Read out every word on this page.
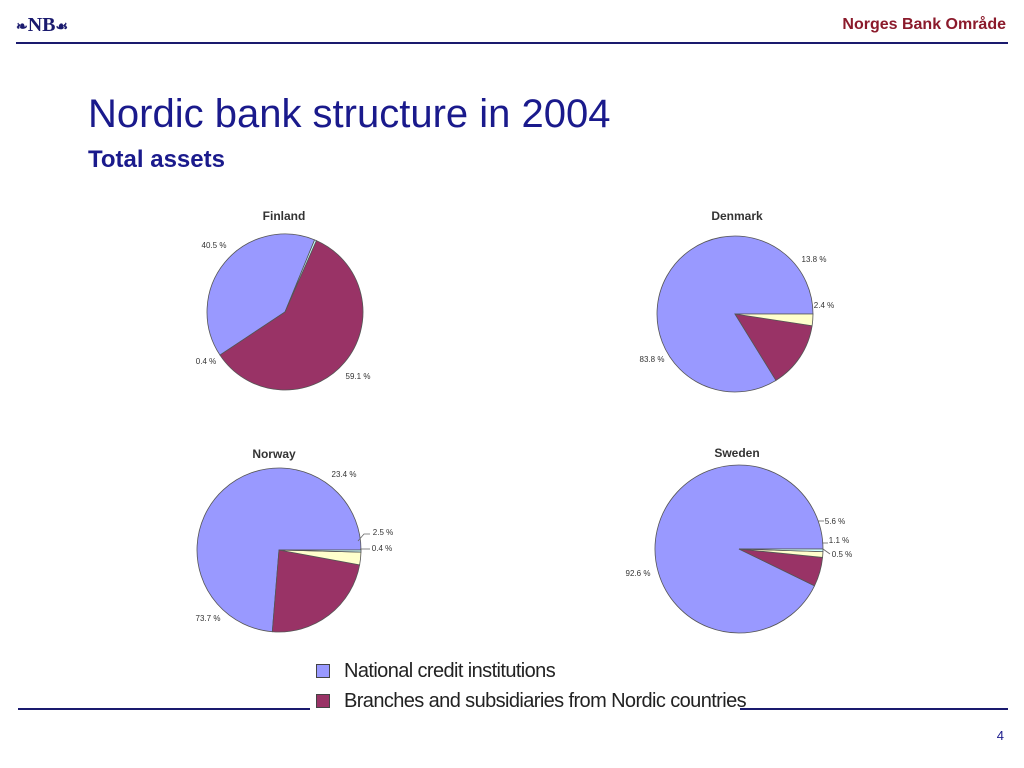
❧NB☙	Norges Bank Område
Nordic bank structure in 2004
Total assets
Finland
40.5 %
59.1 %
0.4 %
Denmark
83.8 %
13.8 %
2.4 %
Norway
73.7 %
23.4 %
2.5 %
0.4 %
Sweden
92.6 %
5.6 %
1.1 %
0.5 %
National credit institutions
Branches and subsidiaries from Nordic countries
4
